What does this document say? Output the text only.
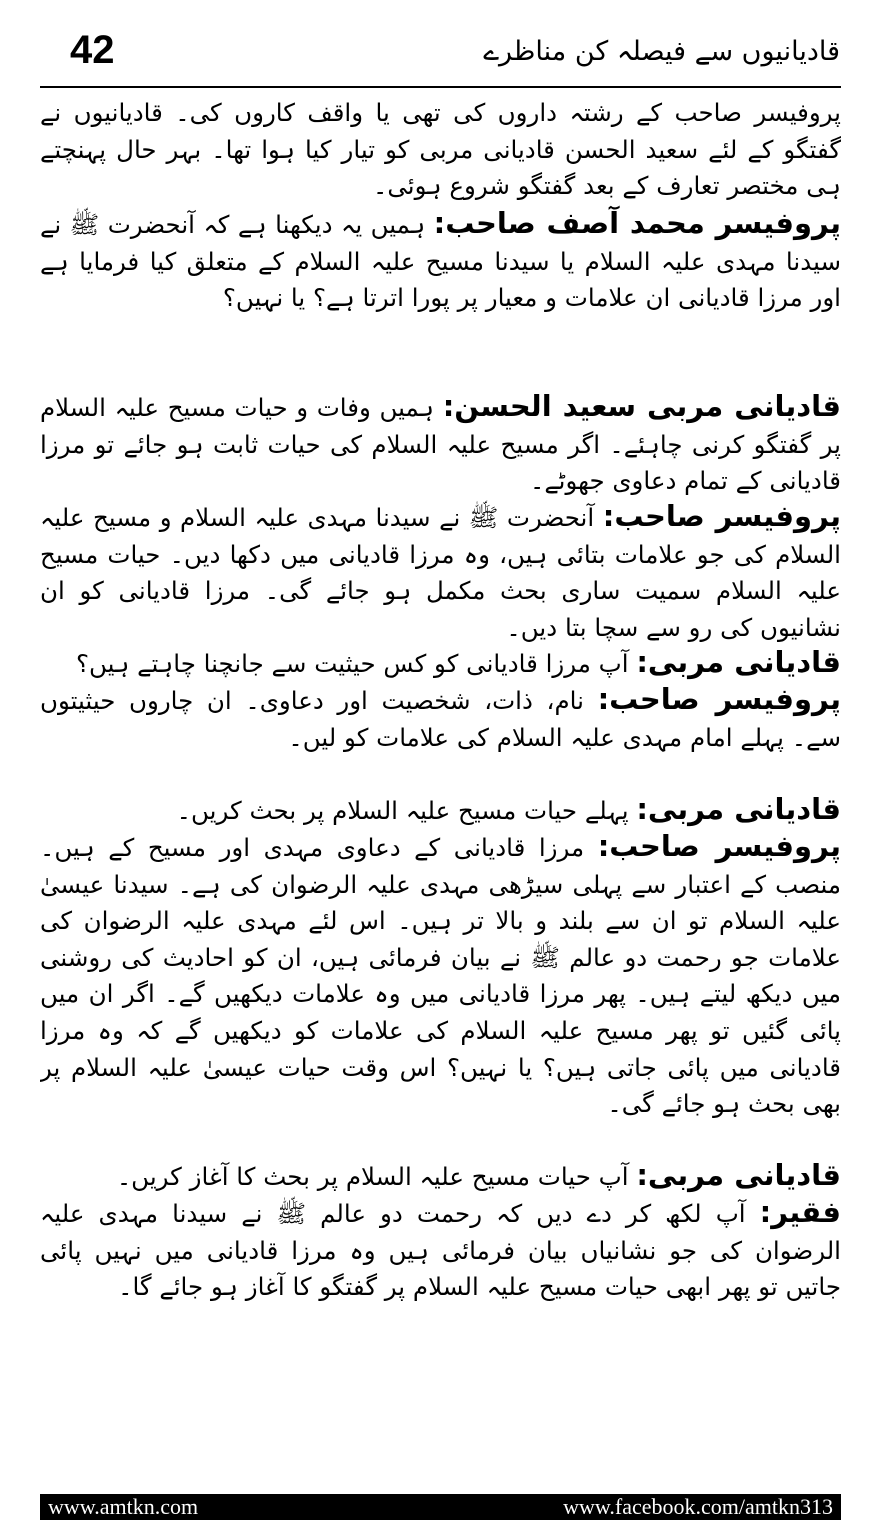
42	قادیانیوں سے فیصلہ کن مناظرے

پروفیسر صاحب کے رشتہ داروں کی تھی یا واقف کاروں کی۔ قادیانیوں نے گفتگو کے لئے سعید الحسن قادیانی مربی کو تیار کیا ہوا تھا۔ بہر حال پہنچتے ہی مختصر تعارف کے بعد گفتگو شروع ہوئی۔

پروفیسر محمد آصف صاحب: ہمیں یہ دیکھنا ہے کہ آنحضرت ﷺ نے سیدنا مہدی علیہ السلام یا سیدنا مسیح علیہ السلام کے متعلق کیا فرمایا ہے اور مرزا قادیانی ان علامات و معیار پر پورا اترتا ہے؟ یا نہیں؟

قادیانی مربی سعید الحسن: ہمیں وفات و حیات مسیح علیہ السلام پر گفتگو کرنی چاہئے۔ اگر مسیح علیہ السلام کی حیات ثابت ہو جائے تو مرزا قادیانی کے تمام دعاوی جھوٹے۔

پروفیسر صاحب: آنحضرت ﷺ نے سیدنا مہدی علیہ السلام و مسیح علیہ السلام کی جو علامات بتائی ہیں، وہ مرزا قادیانی میں دکھا دیں۔ حیات مسیح علیہ السلام سمیت ساری بحث مکمل ہو جائے گی۔ مرزا قادیانی کو ان نشانیوں کی رو سے سچا بتا دیں۔

قادیانی مربی: آپ مرزا قادیانی کو کس حیثیت سے جانچنا چاہتے ہیں؟

پروفیسر صاحب: نام، ذات، شخصیت اور دعاوی۔ ان چاروں حیثیتوں سے۔ پہلے امام مہدی علیہ السلام کی علامات کو لیں۔

قادیانی مربی: پہلے حیات مسیح علیہ السلام پر بحث کریں۔

پروفیسر صاحب: مرزا قادیانی کے دعاوی مہدی اور مسیح کے ہیں۔ منصب کے اعتبار سے پہلی سیڑھی مہدی علیہ الرضوان کی ہے۔ سیدنا عیسیٰ علیہ السلام تو ان سے بلند و بالا تر ہیں۔ اس لئے مہدی علیہ الرضوان کی علامات جو رحمت دو عالم ﷺ نے بیان فرمائی ہیں، ان کو احادیث کی روشنی میں دیکھ لیتے ہیں۔ پھر مرزا قادیانی میں وہ علامات دیکھیں گے۔ اگر ان میں پائی گئیں تو پھر مسیح علیہ السلام کی علامات کو دیکھیں گے کہ وہ مرزا قادیانی میں پائی جاتی ہیں؟ یا نہیں؟ اس وقت حیات عیسیٰ علیہ السلام پر بھی بحث ہو جائے گی۔

قادیانی مربی: آپ حیات مسیح علیہ السلام پر بحث کا آغاز کریں۔

فقیر: آپ لکھ کر دے دیں کہ رحمت دو عالم ﷺ نے سیدنا مہدی علیہ الرضوان کی جو نشانیاں بیان فرمائی ہیں وہ مرزا قادیانی میں نہیں پائی جاتیں تو پھر ابھی حیات مسیح علیہ السلام پر گفتگو کا آغاز ہو جائے گا۔

www.amtkn.com	www.facebook.com/amtkn313
